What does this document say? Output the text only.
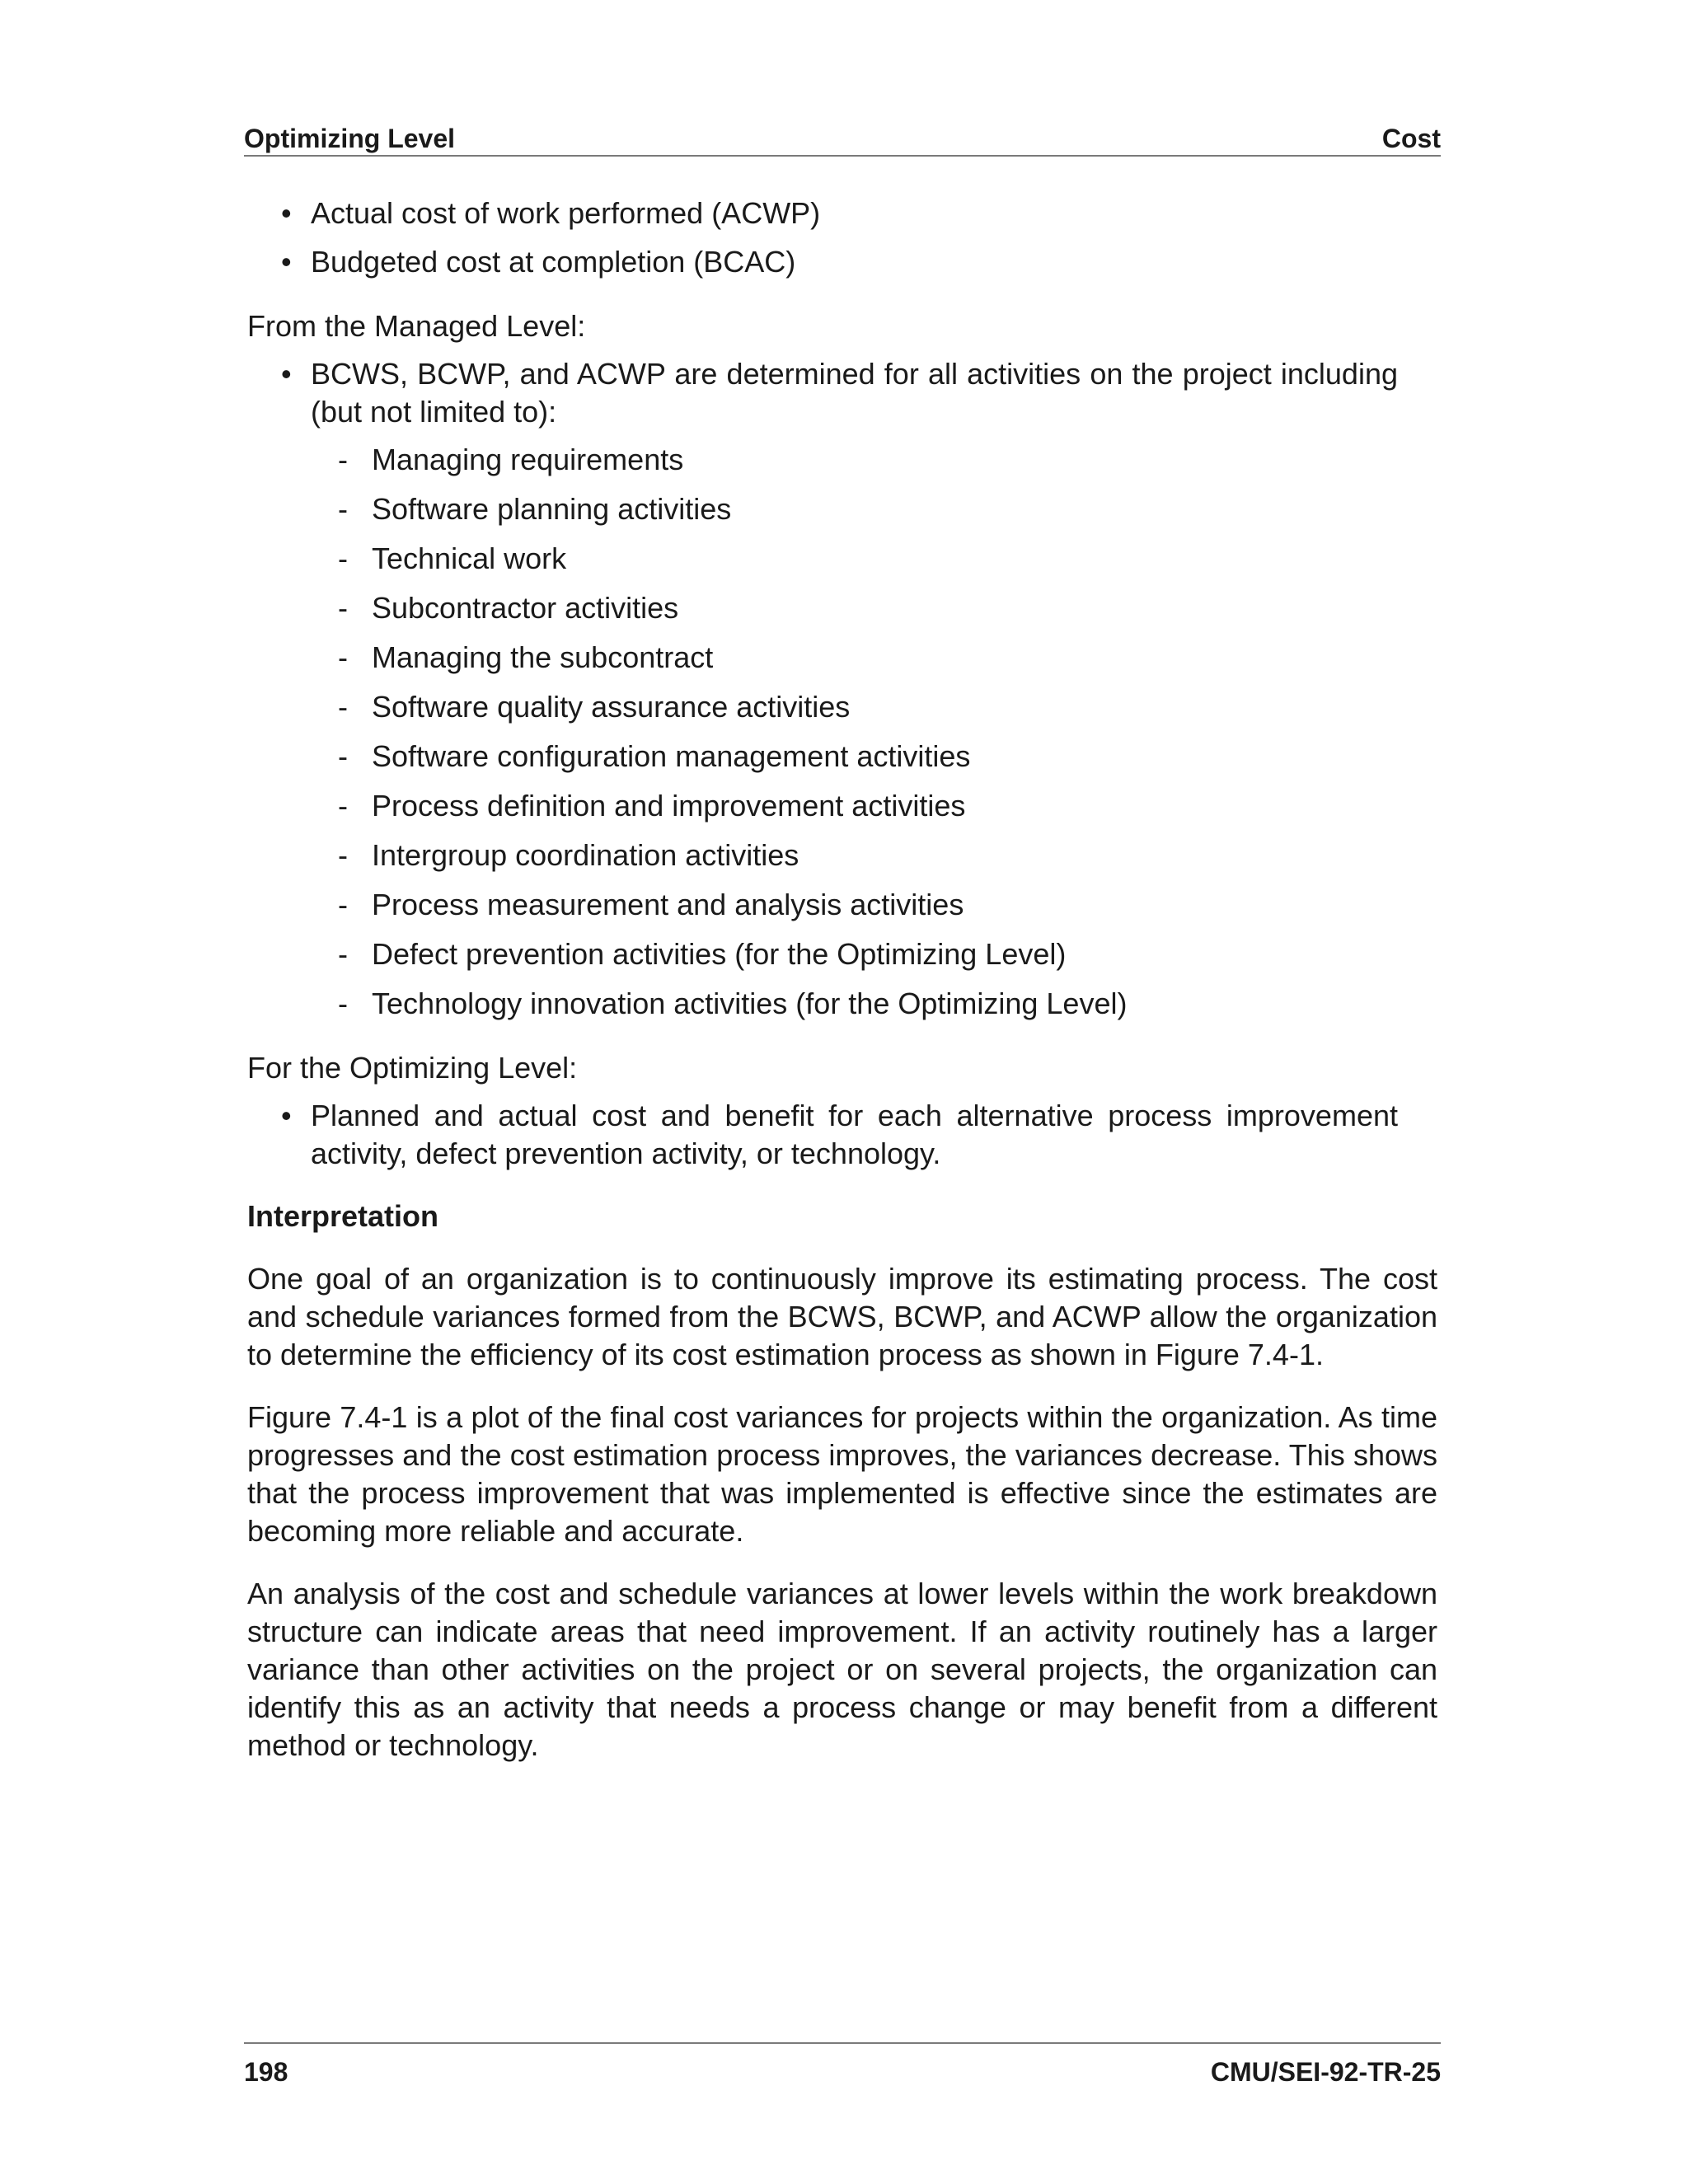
Optimizing Level	Cost
• Actual cost of work performed (ACWP)
• Budgeted cost at completion (BCAC)

From the Managed Level:

• BCWS, BCWP, and ACWP are determined for all activities on the project including (but not limited to):
- Managing requirements
- Software planning activities
- Technical work
- Subcontractor activities
- Managing the subcontract
- Software quality assurance activities
- Software configuration management activities
- Process definition and improvement activities
- Intergroup coordination activities
- Process measurement and analysis activities
- Defect prevention activities (for the Optimizing Level)
- Technology innovation activities (for the Optimizing Level)

For the Optimizing Level:

• Planned and actual cost and benefit for each alternative process improvement activity, defect prevention activity, or technology.

Interpretation

One goal of an organization is to continuously improve its estimating process. The cost and schedule variances formed from the BCWS, BCWP, and ACWP allow the organization to determine the efficiency of its cost estimation process as shown in Figure 7.4-1.

Figure 7.4-1 is a plot of the final cost variances for projects within the organization. As time progresses and the cost estimation process improves, the variances decrease. This shows that the process improvement that was implemented is effective since the estimates are becoming more reliable and accurate.

An analysis of the cost and schedule variances at lower levels within the work breakdown structure can indicate areas that need improvement. If an activity routinely has a larger variance than other activities on the project or on several projects, the organization can identify this as an activity that needs a process change or may benefit from a different method or technology.

198	CMU/SEI-92-TR-25
